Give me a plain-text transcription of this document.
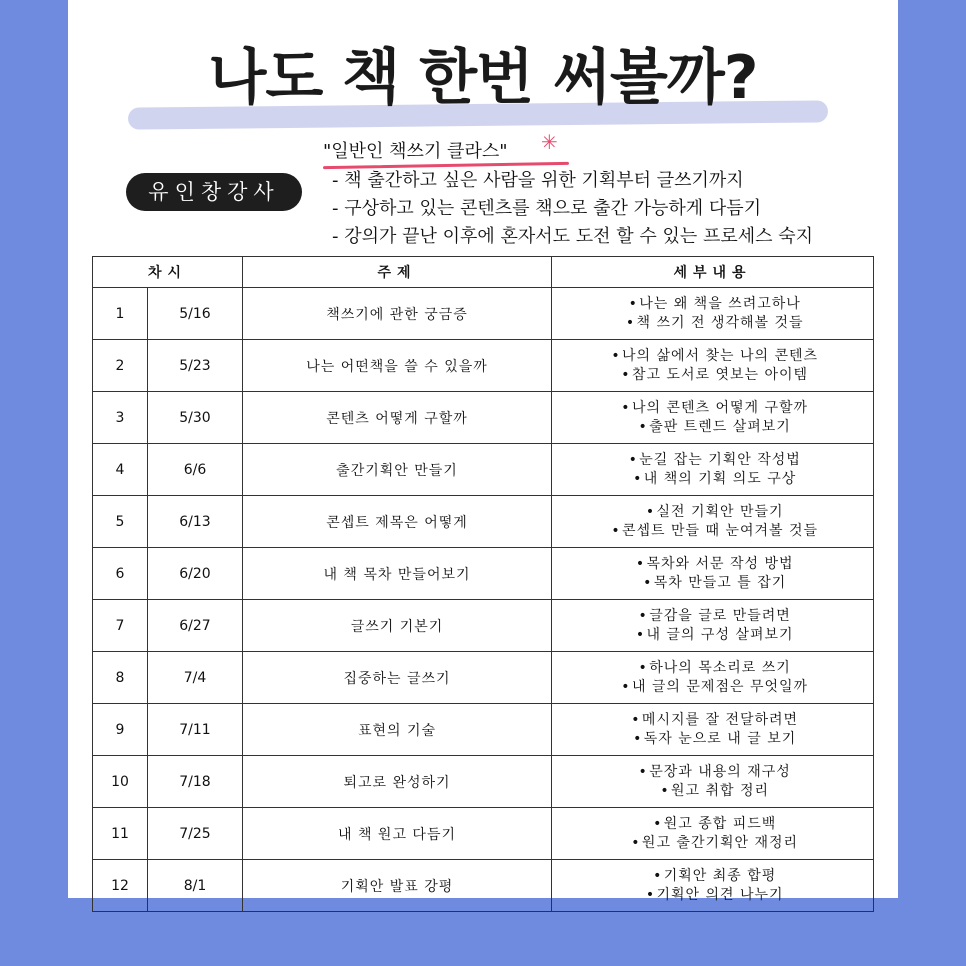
나도 책 한번 써볼까?
유인창강사
"일반인 책쓰기 클라스" ✳
- 책 출간하고 싶은 사람을 위한 기획부터 글쓰기까지
- 구상하고 있는 콘텐츠를 책으로 출간 가능하게 다듬기
- 강의가 끝난 이후에 혼자서도 도전 할 수 있는 프로세스 숙지
차시		주제	세부내용
1	5/16	책쓰기에 관한 궁금증	•나는 왜 책을 쓰려고하나
•책 쓰기 전 생각해볼 것들

2	5/23	나는 어떤책을 쓸 수 있을까	•나의 삶에서 찾는 나의 콘텐츠
•참고 도서로 엿보는 아이템

3	5/30	콘텐츠 어떻게 구할까	•나의 콘텐츠 어떻게 구할까
•출판 트렌드 살펴보기

4	6/6	출간기획안 만들기	•눈길 잡는 기획안 작성법
•내 책의 기획 의도 구상

5	6/13	콘셉트 제목은 어떻게	•실전 기획안 만들기
•콘셉트 만들 때 눈여겨볼 것들

6	6/20	내 책 목차 만들어보기	•목차와 서문 작성 방법
•목차 만들고 틀 잡기

7	6/27	글쓰기 기본기	•글감을 글로 만들려면
•내 글의 구성 살펴보기

8	7/4	집중하는 글쓰기	•하나의 목소리로 쓰기
•내 글의 문제점은 무엇일까

9	7/11	표현의 기술	•메시지를 잘 전달하려면
•독자 눈으로 내 글 보기

10	7/18	퇴고로 완성하기	•문장과 내용의 재구성
•원고 취합 정리

11	7/25	내 책 원고 다듬기	•원고 종합 피드백
•원고 출간기획안 재정리

12	8/1	기획안 발표 강평	•기획안 최종 합평
•기획안 의견 나누기
